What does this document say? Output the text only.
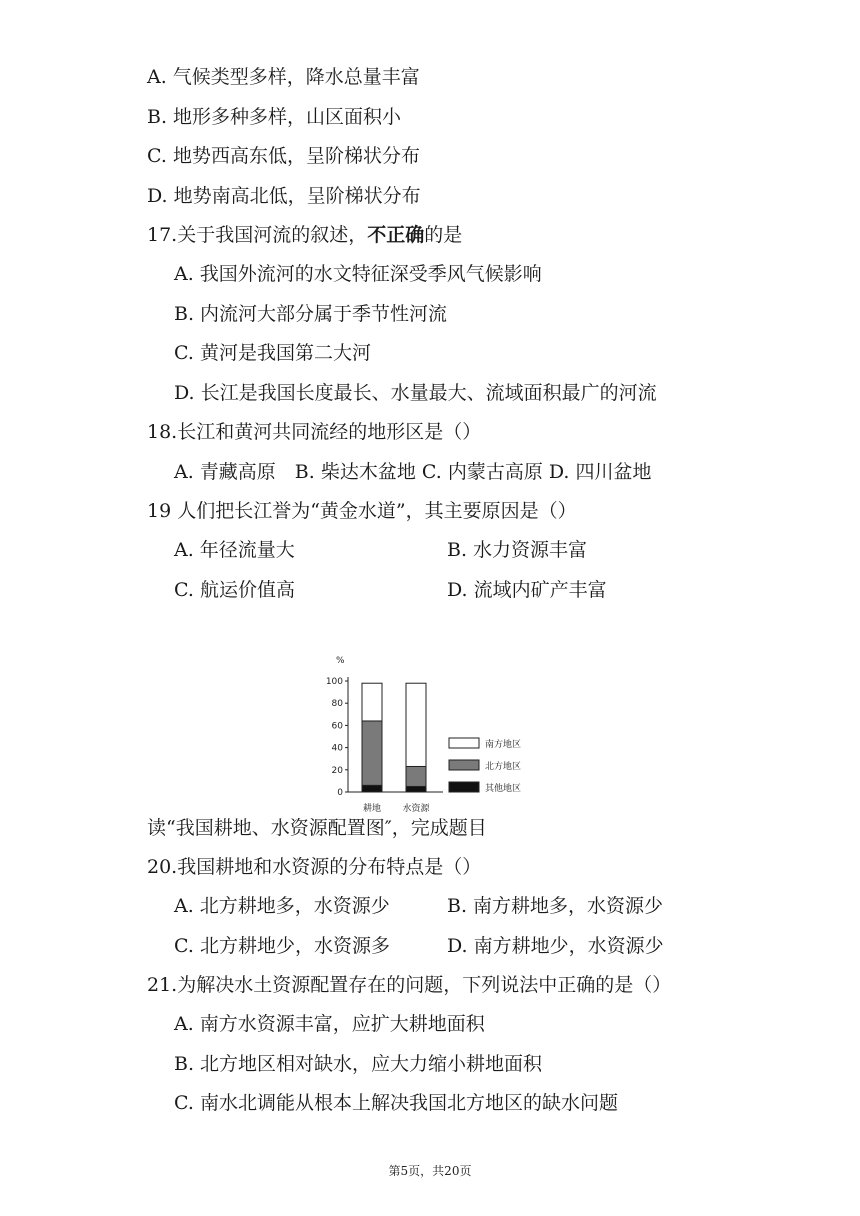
A. 气候类型多样，降水总量丰富
B. 地形多种多样，山区面积小
C. 地势西高东低，呈阶梯状分布
D. 地势南高北低，呈阶梯状分布
17.关于我国河流的叙述，不正确的是
A. 我国外流河的水文特征深受季风气候影响
B. 内流河大部分属于季节性河流
C. 黄河是我国第二大河
D. 长江是我国长度最长、水量最大、流域面积最广的河流
18.长江和黄河共同流经的地形区是（）
A. 青藏高原　B. 柴达木盆地 C. 内蒙古高原 D. 四川盆地
19 人们把长江誉为“黄金水道”，其主要原因是（）
A. 年径流量大	B. 水力资源丰富
C. 航运价值高	D. 流域内矿产丰富
%
0
20
40
60
80
100
耕地 水资源
南方地区
北方地区
其他地区
读“我国耕地、水资源配置图″，完成题目
20.我国耕地和水资源的分布特点是（）
A. 北方耕地多，水资源少	B. 南方耕地多，水资源少
C. 北方耕地少，水资源多	D. 南方耕地少，水资源少
21.为解决水土资源配置存在的问题，下列说法中正确的是（）
A. 南方水资源丰富，应扩大耕地面积
B. 北方地区相对缺水，应大力缩小耕地面积
C. 南水北调能从根本上解决我国北方地区的缺水问题
第5页，共20页
